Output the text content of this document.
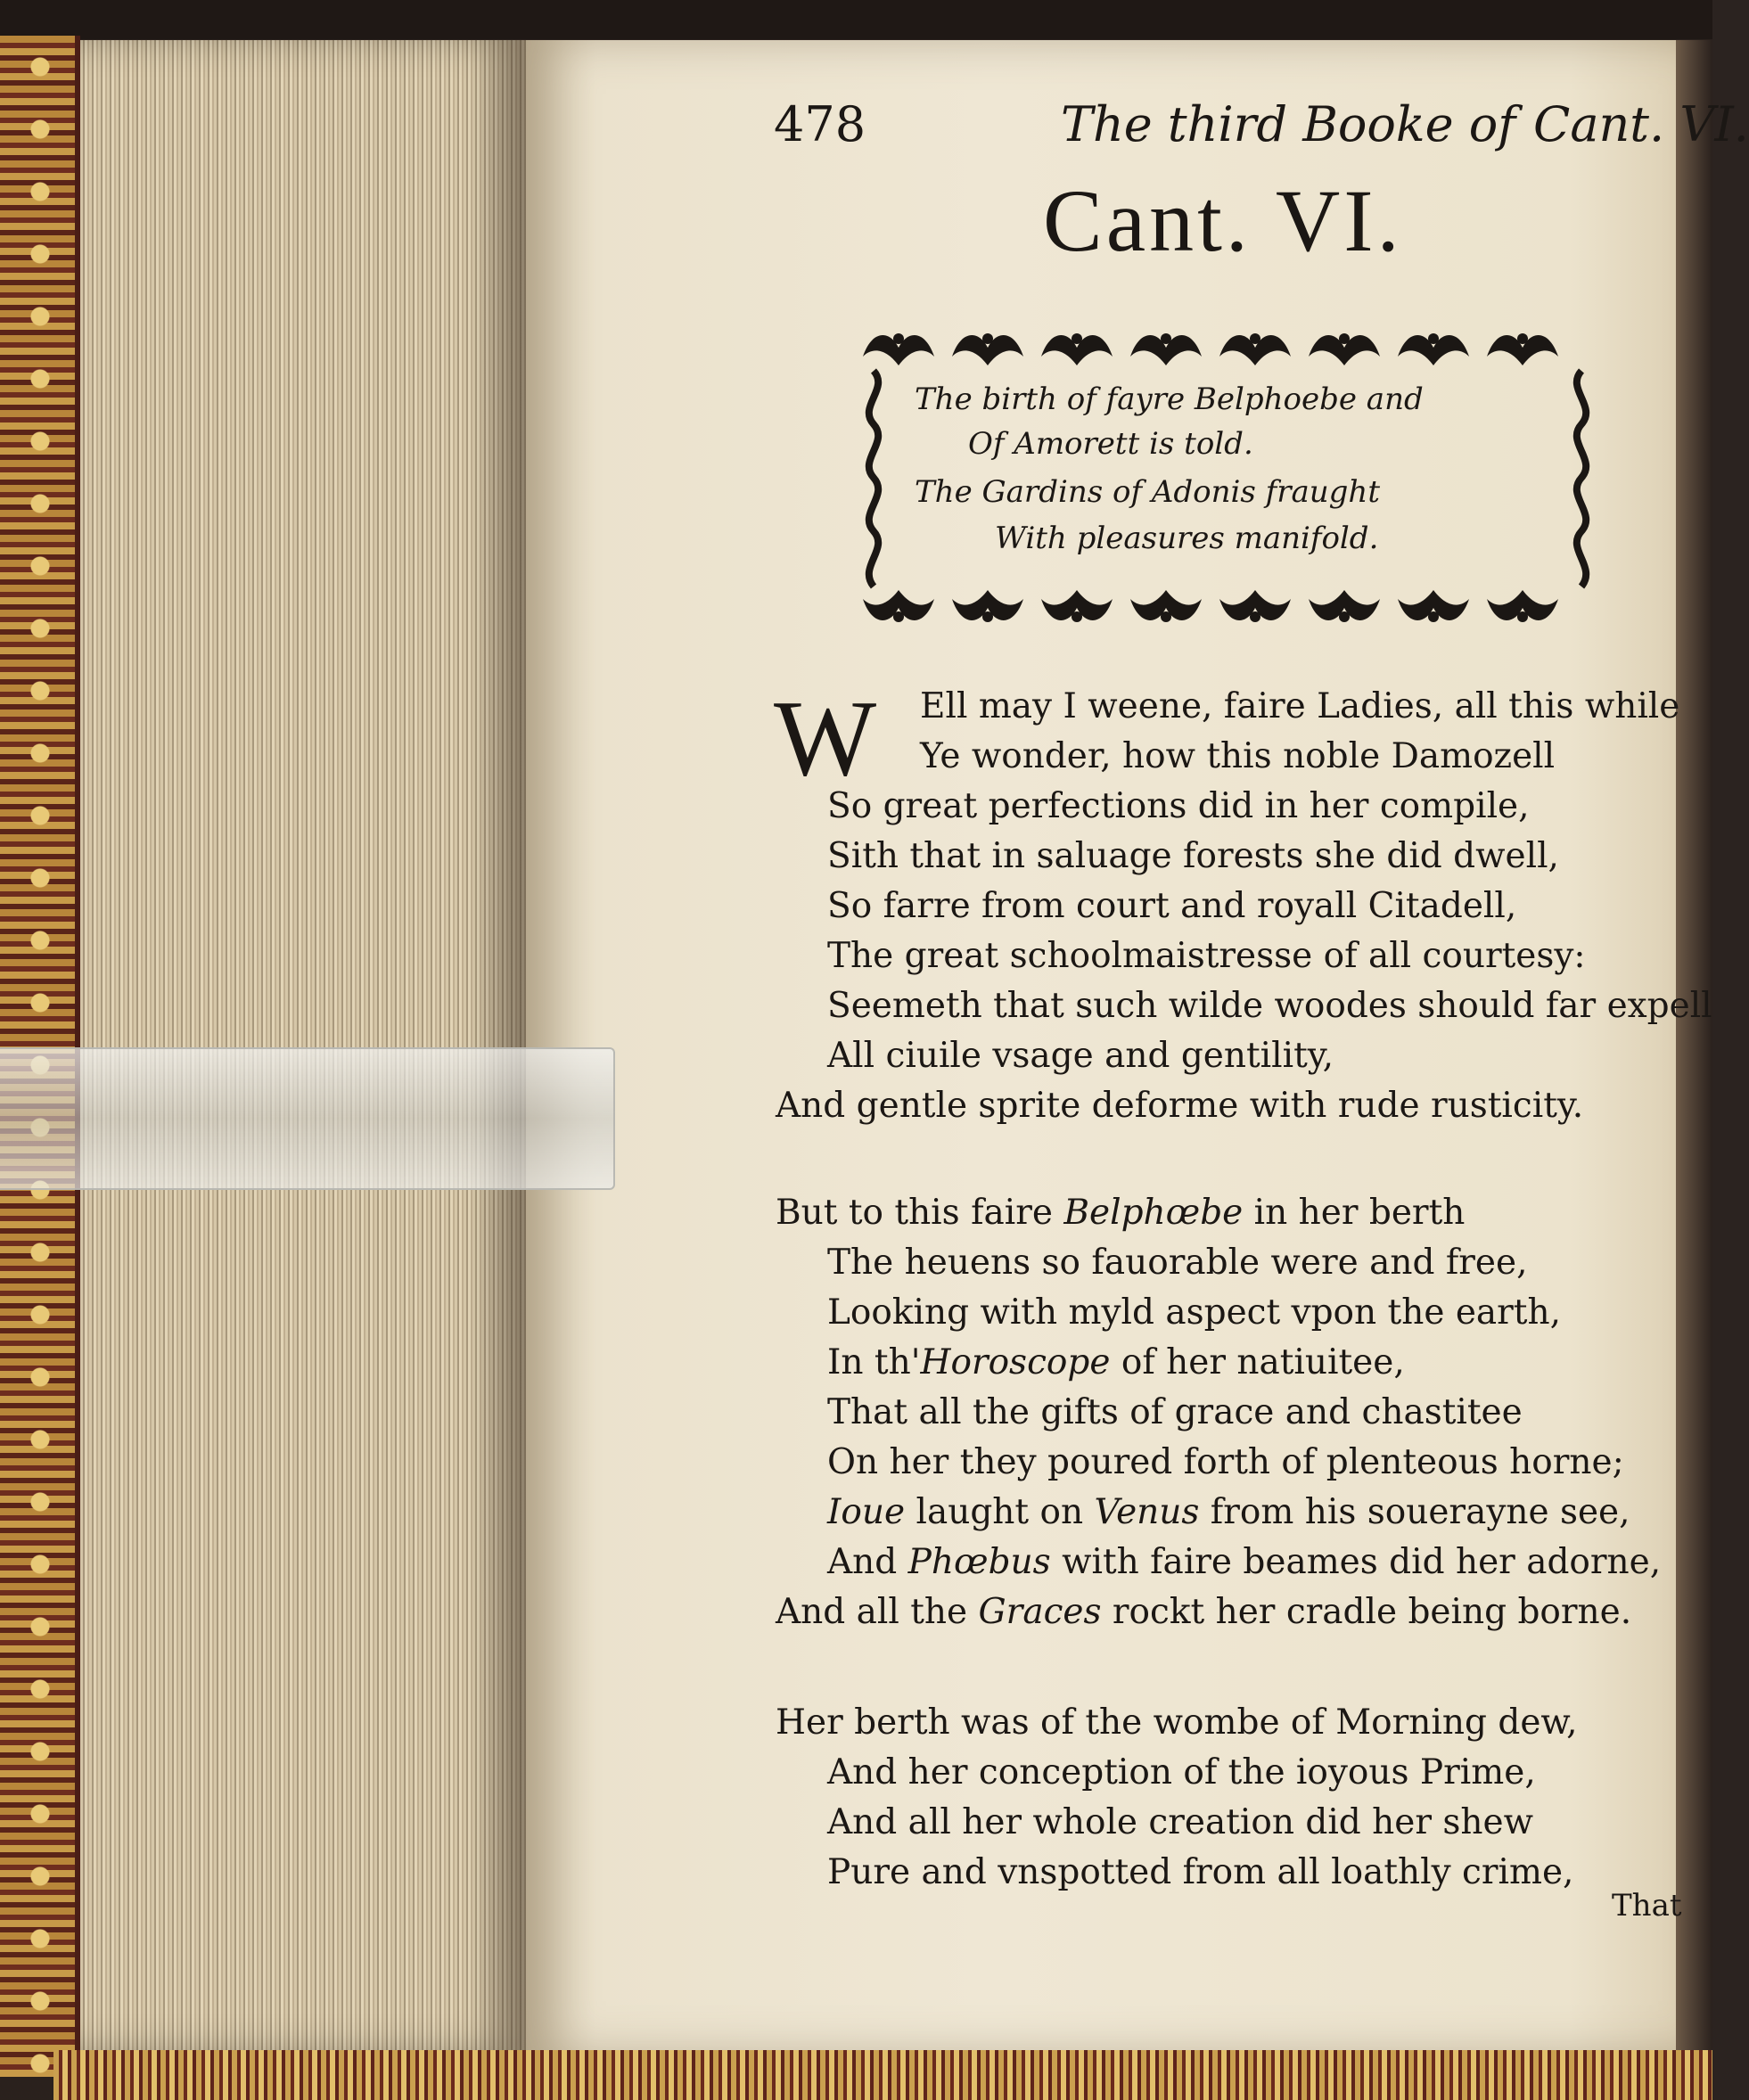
478	The third Booke of Cant. VI.
Cant. VI.
The birth of fayre Belphoebe and
Of Amorett is told.
The Gardins of Adonis fraught
With pleasures manifold.
W Ell may I weene, faire Ladies, all this while
Ye wonder, how this noble Damozell
So great perfections did in her compile,
Sith that in saluage forests she did dwell,
So farre from court and royall Citadell,
The great schoolmaistresse of all courtesy:
Seemeth that such wilde woodes should far expell
All ciuile vsage and gentility,
And gentle sprite deforme with rude rusticity.
But to this faire Belphœbe in her berth
The heuens so fauorable were and free,
Looking with myld aspect vpon the earth,
In th'Horoscope of her natiuitee,
That all the gifts of grace and chastitee
On her they poured forth of plenteous horne;
Ioue laught on Venus from his souerayne see,
And Phœbus with faire beames did her adorne,
And all the Graces rockt her cradle being borne.
Her berth was of the wombe of Morning dew,
And her conception of the ioyous Prime,
And all her whole creation did her shew
Pure and vnspotted from all loathly crime,
That
